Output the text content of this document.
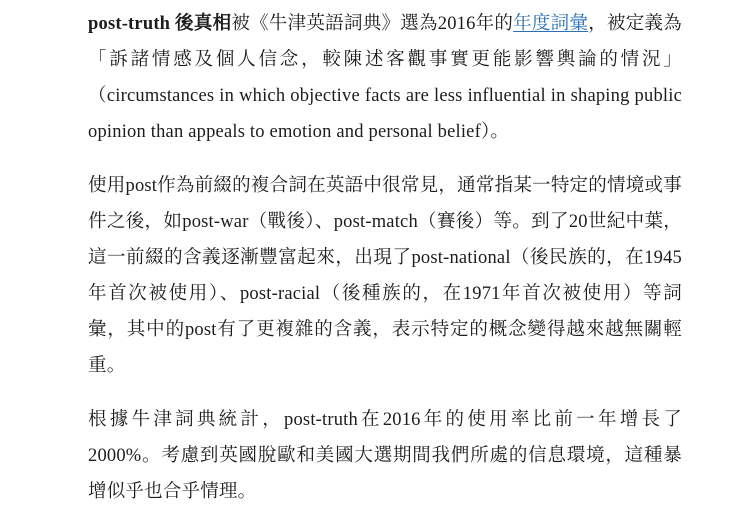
post-truth 後真相被《牛津英語詞典》選為2016年的年度詞彙，被定義為「訴諸情感及個人信念，較陳述客觀事實更能影響輿論的情況」（circumstances in which objective facts are less influential in shaping public opinion than appeals to emotion and personal belief）。

使用post作為前綴的複合詞在英語中很常見，通常指某一特定的情境或事件之後，如post-war（戰後）、post-match（賽後）等。到了20世紀中葉，這一前綴的含義逐漸豐富起來，出現了post-national（後民族的，在1945年首次被使用）、post-racial（後種族的，在1971年首次被使用）等詞彙，其中的post有了更複雜的含義，表示特定的概念變得越來越無關輕重。

根據牛津詞典統計，post-truth在2016年的使用率比前一年增長了2000%。考慮到英國脫歐和美國大選期間我們所處的信息環境，這種暴增似乎也合乎情理。
